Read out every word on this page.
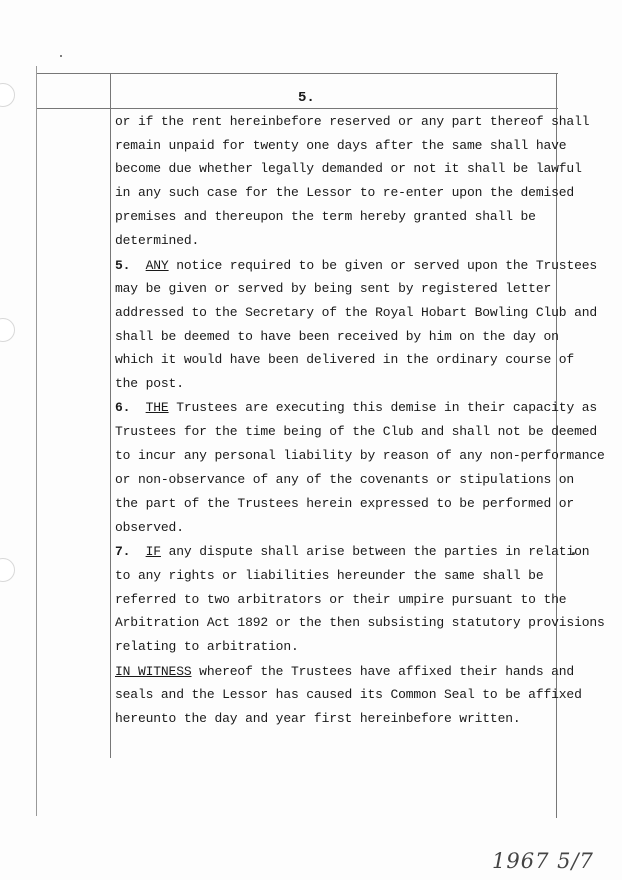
5.
or if the rent hereinbefore reserved or any part thereof shall
remain unpaid for twenty one days after the same shall have
become due whether legally demanded or not it shall be lawful
in any such case for the Lessor to re-enter upon the demised
premises and thereupon the term hereby granted shall be
determined.
5. ANY notice required to be given or served upon the Trustees
may be given or served by being sent by registered letter
addressed to the Secretary of the Royal Hobart Bowling Club and
shall be deemed to have been received by him on the day on
which it would have been delivered in the ordinary course of
the post.
6. THE Trustees are executing this demise in their capacity as
Trustees for the time being of the Club and shall not be deemed
to incur any personal liability by reason of any non-performance
or non-observance of any of the covenants or stipulations on
the part of the Trustees herein expressed to be performed or
observed.
7. IF any dispute shall arise between the parties in relation
to any rights or liabilities hereunder the same shall be
referred to two arbitrators or their umpire pursuant to the
Arbitration Act 1892 or the then subsisting statutory provisions
relating to arbitration.
IN WITNESS whereof the Trustees have affixed their hands and
seals and the Lessor has caused its Common Seal to be affixed
hereunto the day and year first hereinbefore written.
1967 5/7
